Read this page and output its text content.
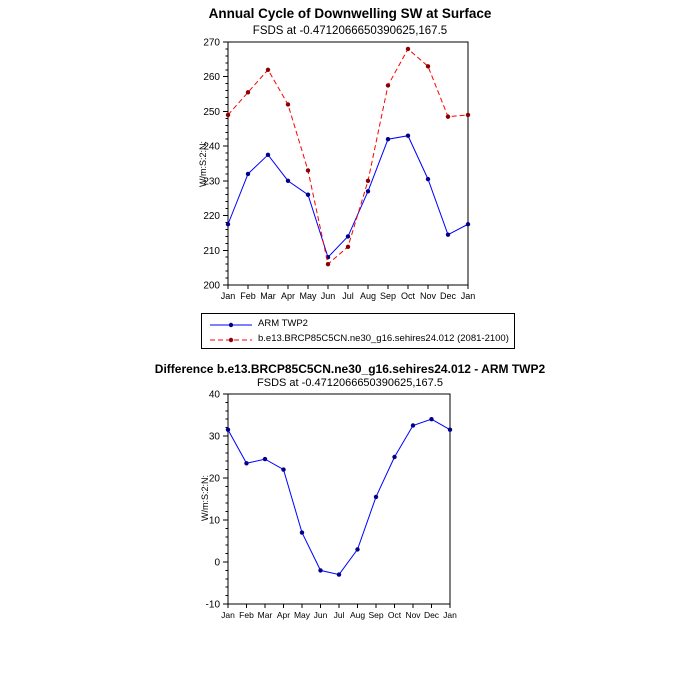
Annual Cycle of Downwelling SW at Surface
FSDS at -0.4712066650390625,167.5
W/m:S:2:N:
200
210
220
230
240
250
260
270
Jan Feb Mar Apr May Jun Jul Aug Sep Oct Nov Dec Jan
ARM TWP2
b.e13.BRCP85C5CN.ne30_g16.sehires24.012 (2081-2100)
Difference b.e13.BRCP85C5CN.ne30_g16.sehires24.012 - ARM TWP2
FSDS at -0.4712066650390625,167.5
W/m:S:2:N:
-10
0
10
20
30
40
Jan Feb Mar Apr May Jun Jul Aug Sep Oct Nov Dec Jan
